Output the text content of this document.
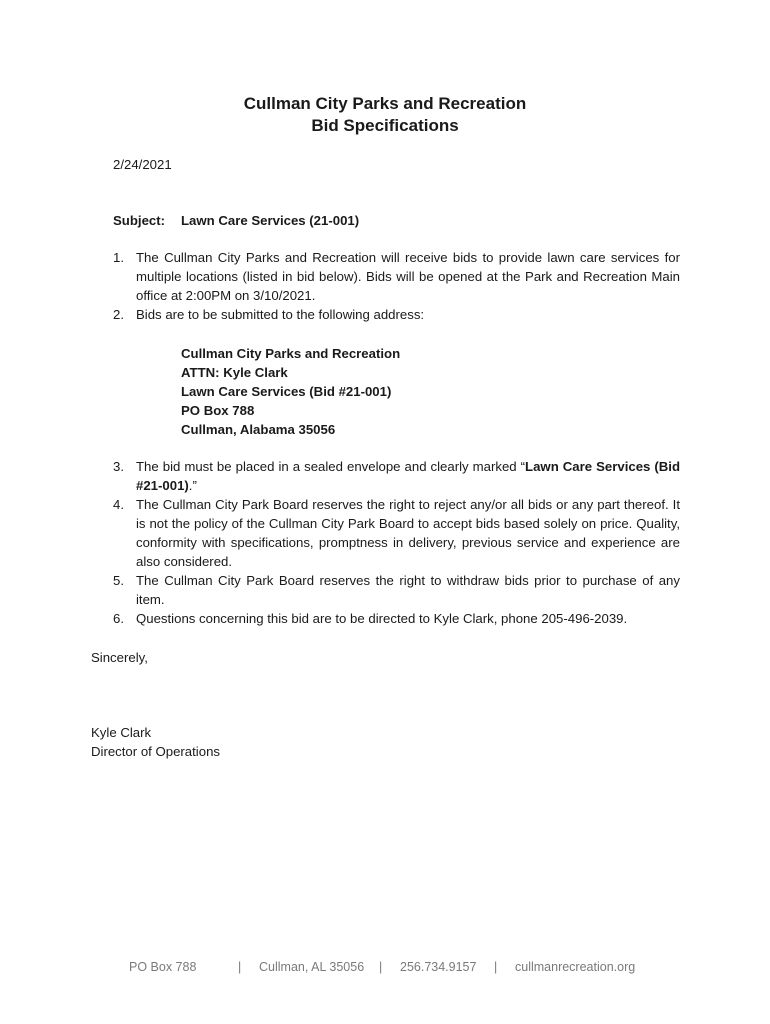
Cullman City Parks and Recreation
Bid Specifications
2/24/2021
Subject: Lawn Care Services (21-001)
1. The Cullman City Parks and Recreation will receive bids to provide lawn care services for multiple locations (listed in bid below). Bids will be opened at the Park and Recreation Main office at 2:00PM on 3/10/2021.
2. Bids are to be submitted to the following address:
Cullman City Parks and Recreation
ATTN: Kyle Clark
Lawn Care Services (Bid #21-001)
PO Box 788
Cullman, Alabama 35056
3. The bid must be placed in a sealed envelope and clearly marked “Lawn Care Services (Bid #21-001).”
4. The Cullman City Park Board reserves the right to reject any/or all bids or any part thereof. It is not the policy of the Cullman City Park Board to accept bids based solely on price. Quality, conformity with specifications, promptness in delivery, previous service and experience are also considered.
5. The Cullman City Park Board reserves the right to withdraw bids prior to purchase of any item.
6. Questions concerning this bid are to be directed to Kyle Clark, phone 205-496-2039.
Sincerely,
Kyle Clark
Director of Operations
PO Box 788	| Cullman, AL 35056 | 256.734.9157 | cullmanrecreation.org
